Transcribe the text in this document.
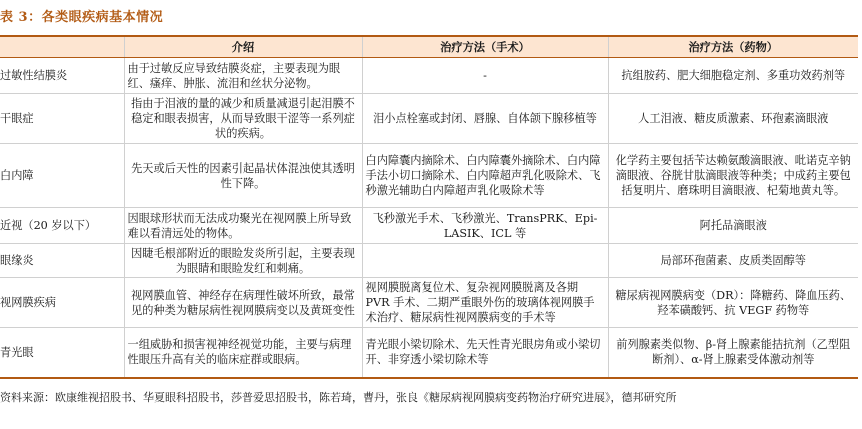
表 3：各类眼疾病基本情况
	介绍	治疗方法（手术）	治疗方法（药物）
过敏性结膜炎	由于过敏反应导致结膜炎症，主要表现为眼红、瘙痒、肿胀、流泪和丝状分泌物。	-	抗组胺药、肥大细胞稳定剂、多重功效药剂等
干眼症	指由于泪液的量的减少和质量减退引起泪膜不稳定和眼表损害，从而导致眼干涩等一系列症状的疾病。	泪小点栓塞或封闭、唇腺、自体颌下腺移植等	人工泪液、糖皮质激素、环孢素滴眼液
白内障	先天或后天性的因素引起晶状体混浊使其透明性下降。	白内障囊内摘除术、白内障囊外摘除术、白内障手法小切口摘除术、白内障超声乳化吸除术、飞秒激光辅助白内障超声乳化吸除术等	化学药主要包括苄达赖氨酸滴眼液、吡诺克辛钠滴眼液、谷胱甘肽滴眼液等种类；中成药主要包括复明片、磨珠明目滴眼液、杞菊地黄丸等。
近视（20 岁以下）	因眼球形状而无法成功聚光在视网膜上所导致难以看清远处的物体。	飞秒激光手术、飞秒激光、TransPRK、Epi-LASIK、ICL 等	阿托品滴眼液
眼缘炎	因睫毛根部附近的眼睑发炎所引起，主要表现为眼睛和眼睑发红和刺痛。		局部环孢菌素、皮质类固醇等
视网膜疾病	视网膜血管、神经存在病理性破坏所致，最常见的种类为糖尿病性视网膜病变以及黄斑变性	视网膜脱离复位术、复杂视网膜脱离及各期 PVR 手术、二期严重眼外伤的玻璃体视网膜手术治疗、糖尿病性视网膜病变的手术等	糖尿病视网膜病变（DR）：降糖药、降血压药、羟苯磺酸钙、抗 VEGF 药物等
青光眼	一组威胁和损害视神经视觉功能，主要与病理性眼压升高有关的临床症群或眼病。	青光眼小梁切除术、先天性青光眼房角或小梁切开、非穿透小梁切除术等	前列腺素类似物、β-肾上腺素能拮抗剂（乙型阻断剂）、α-肾上腺素受体激动剂等
资料来源：欧康维视招股书、华夏眼科招股书，莎普爱思招股书，陈若琦，曹丹，张良《糖尿病视网膜病变药物治疗研究进展》，德邦研究所
